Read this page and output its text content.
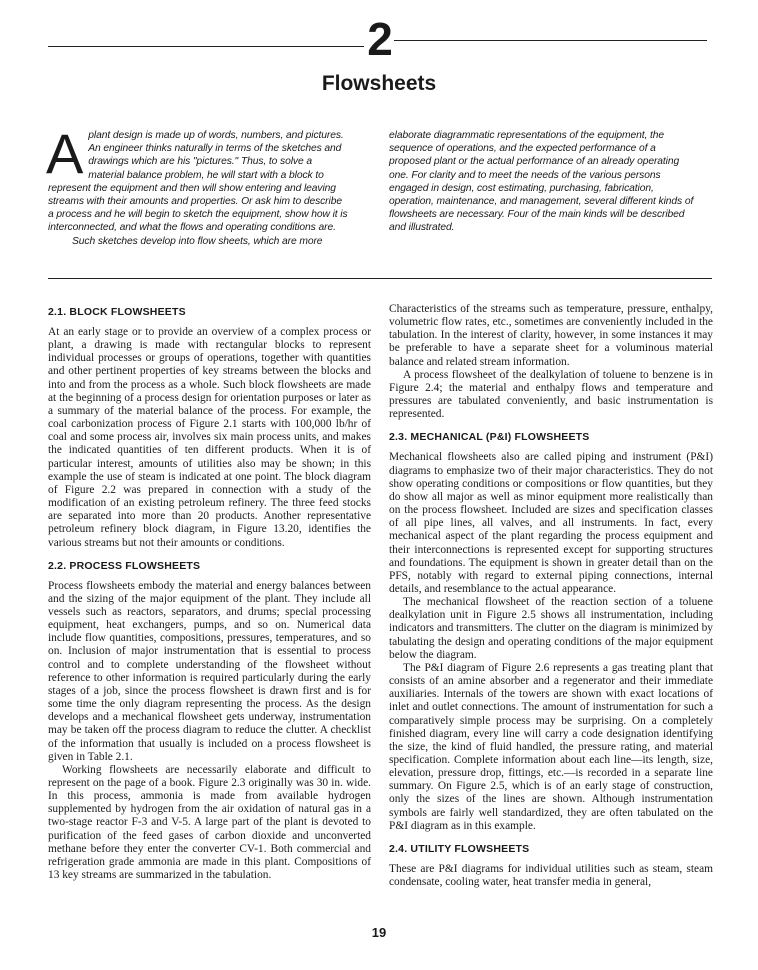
2
Flowsheets
Aplant design is made up of words, numbers, and pictures. An engineer thinks naturally in terms of the sketches and drawings which are his "pictures." Thus, to solve a material balance problem, he will start with a block to represent the equipment and then will show entering and leaving streams with their amounts and properties. Or ask him to describe a process and he will begin to sketch the equipment, show how it is interconnected, and what the flows and operating conditions are.
Such sketches develop into flow sheets, which are more
elaborate diagrammatic representations of the equipment, the sequence of operations, and the expected performance of a proposed plant or the actual performance of an already operating one. For clarity and to meet the needs of the various persons engaged in design, cost estimating, purchasing, fabrication, operation, maintenance, and management, several different kinds of flowsheets are necessary. Four of the main kinds will be described and illustrated.
2.1. BLOCK FLOWSHEETS

At an early stage or to provide an overview of a complex process or plant, a drawing is made with rectangular blocks to represent individual processes or groups of operations, together with quantities and other pertinent properties of key streams between the blocks and into and from the process as a whole. Such block flowsheets are made at the beginning of a process design for orientation purposes or later as a summary of the material balance of the process. For example, the coal carbonization process of Figure 2.1 starts with 100,000 lb/hr of coal and some process air, involves six main process units, and makes the indicated quantities of ten different products. When it is of particular interest, amounts of utilities also may be shown; in this example the use of steam is indicated at one point. The block diagram of Figure 2.2 was prepared in connection with a study of the modification of an existing petroleum refinery. The three feed stocks are separated into more than 20 products. Another representative petroleum refinery block diagram, in Figure 13.20, identifies the various streams but not their amounts or conditions.

2.2. PROCESS FLOWSHEETS

Process flowsheets embody the material and energy balances between and the sizing of the major equipment of the plant. They include all vessels such as reactors, separators, and drums; special processing equipment, heat exchangers, pumps, and so on. Numerical data include flow quantities, compositions, pressures, temperatures, and so on. Inclusion of major instrumentation that is essential to process control and to complete understanding of the flowsheet without reference to other information is required particularly during the early stages of a job, since the process flowsheet is drawn first and is for some time the only diagram representing the process. As the design develops and a mechanical flowsheet gets underway, instrumentation may be taken off the process diagram to reduce the clutter. A checklist of the information that usually is included on a process flowsheet is given in Table 2.1.

Working flowsheets are necessarily elaborate and difficult to represent on the page of a book. Figure 2.3 originally was 30 in. wide. In this process, ammonia is made from available hydrogen supplemented by hydrogen from the air oxidation of natural gas in a two-stage reactor F-3 and V-5. A large part of the plant is devoted to purification of the feed gases of carbon dioxide and unconverted methane before they enter the converter CV-1. Both commercial and refrigeration grade ammonia are made in this plant. Compositions of 13 key streams are summarized in the tabulation.

Characteristics of the streams such as temperature, pressure, enthalpy, volumetric flow rates, etc., sometimes are conveniently included in the tabulation. In the interest of clarity, however, in some instances it may be preferable to have a separate sheet for a voluminous material balance and related stream information.

A process flowsheet of the dealkylation of toluene to benzene is in Figure 2.4; the material and enthalpy flows and temperature and pressures are tabulated conveniently, and basic instrumentation is represented.

2.3. MECHANICAL (P&I) FLOWSHEETS

Mechanical flowsheets also are called piping and instrument (P&I) diagrams to emphasize two of their major characteristics. They do not show operating conditions or compositions or flow quantities, but they do show all major as well as minor equipment more realistically than on the process flowsheet. Included are sizes and specification classes of all pipe lines, all valves, and all instruments. In fact, every mechanical aspect of the plant regarding the process equipment and their interconnections is represented except for supporting structures and foundations. The equipment is shown in greater detail than on the PFS, notably with regard to external piping connections, internal details, and resemblance to the actual appearance.

The mechanical flowsheet of the reaction section of a toluene dealkylation unit in Figure 2.5 shows all instrumentation, including indicators and transmitters. The clutter on the diagram is minimized by tabulating the design and operating conditions of the major equipment below the diagram.

The P&I diagram of Figure 2.6 represents a gas treating plant that consists of an amine absorber and a regenerator and their immediate auxiliaries. Internals of the towers are shown with exact locations of inlet and outlet connections. The amount of instrumentation for such a comparatively simple process may be surprising. On a completely finished diagram, every line will carry a code designation identifying the size, the kind of fluid handled, the pressure rating, and material specification. Complete information about each line—its length, size, elevation, pressure drop, fittings, etc.—is recorded in a separate line summary. On Figure 2.5, which is of an early stage of construction, only the sizes of the lines are shown. Although instrumentation symbols are fairly well standardized, they are often tabulated on the P&I diagram as in this example.

2.4. UTILITY FLOWSHEETS

These are P&I diagrams for individual utilities such as steam, steam condensate, cooling water, heat transfer media in general,

19
